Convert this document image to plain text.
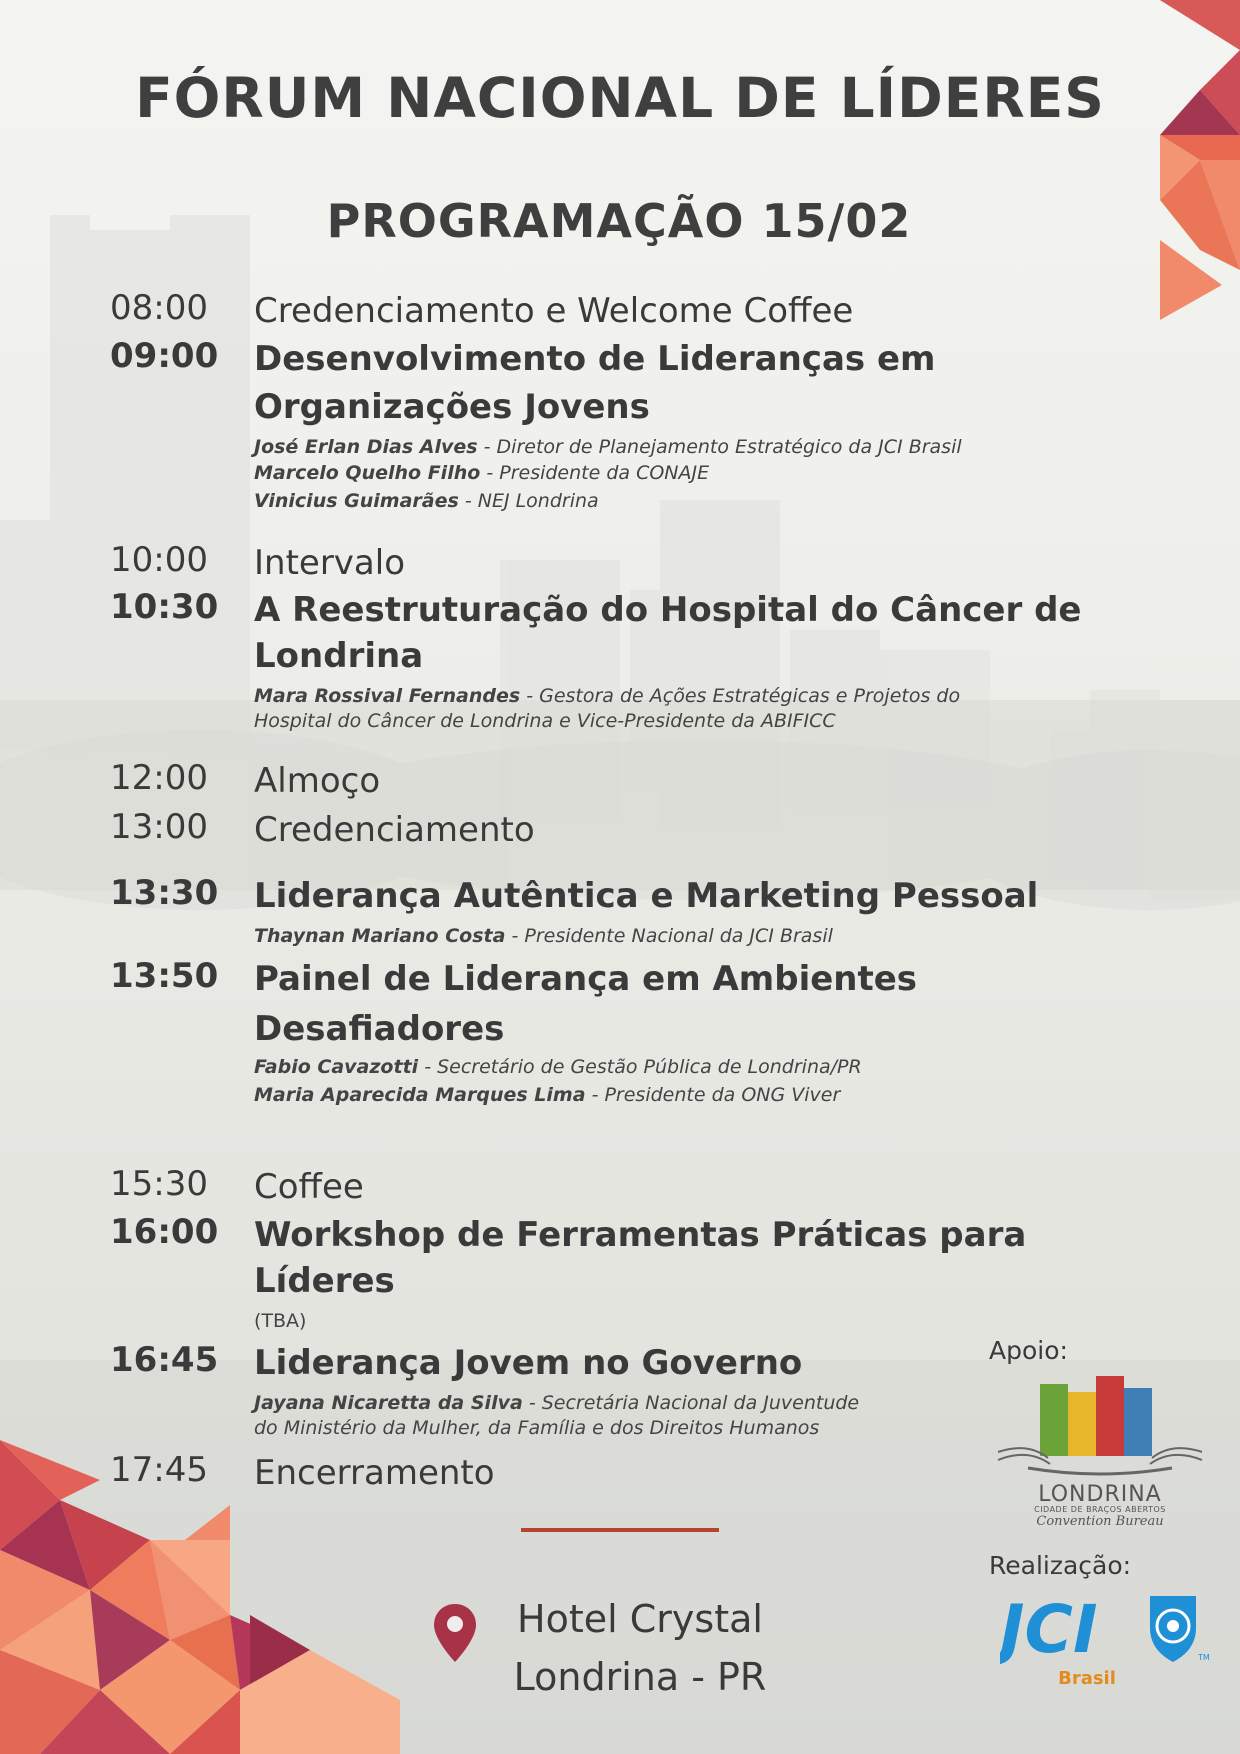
FÓRUM NACIONAL DE LÍDERES
PROGRAMAÇÃO 15/02
08:00 Credenciamento e Welcome Coffee
09:00 Desenvolvimento de Lideranças em
Organizações Jovens
José Erlan Dias Alves - Diretor de Planejamento Estratégico da JCI Brasil
Marcelo Quelho Filho - Presidente da CONAJE
Vinicius Guimarães - NEJ Londrina
10:00 Intervalo
10:30 A Reestruturação do Hospital do Câncer de
Londrina
Mara Rossival Fernandes - Gestora de Ações Estratégicas e Projetos do
Hospital do Câncer de Londrina e Vice-Presidente da ABIFICC
12:00 Almoço
13:00 Credenciamento
13:30 Liderança Autêntica e Marketing Pessoal
Thaynan Mariano Costa - Presidente Nacional da JCI Brasil
13:50 Painel de Liderança em Ambientes
Desafiadores
Fabio Cavazotti - Secretário de Gestão Pública de Londrina/PR
Maria Aparecida Marques Lima - Presidente da ONG Viver
15:30 Coffee
16:00 Workshop de Ferramentas Práticas para
Líderes
(TBA)
16:45 Liderança Jovem no Governo
Jayana Nicaretta da Silva - Secretária Nacional da Juventude
do Ministério da Mulher, da Família e dos Direitos Humanos
17:45 Encerramento
Hotel Crystal
Londrina - PR
Apoio:
LONDRINA
CIDADE DE BRAÇOS ABERTOS
Convention Bureau
Realização:
JCI	TM
Brasil
